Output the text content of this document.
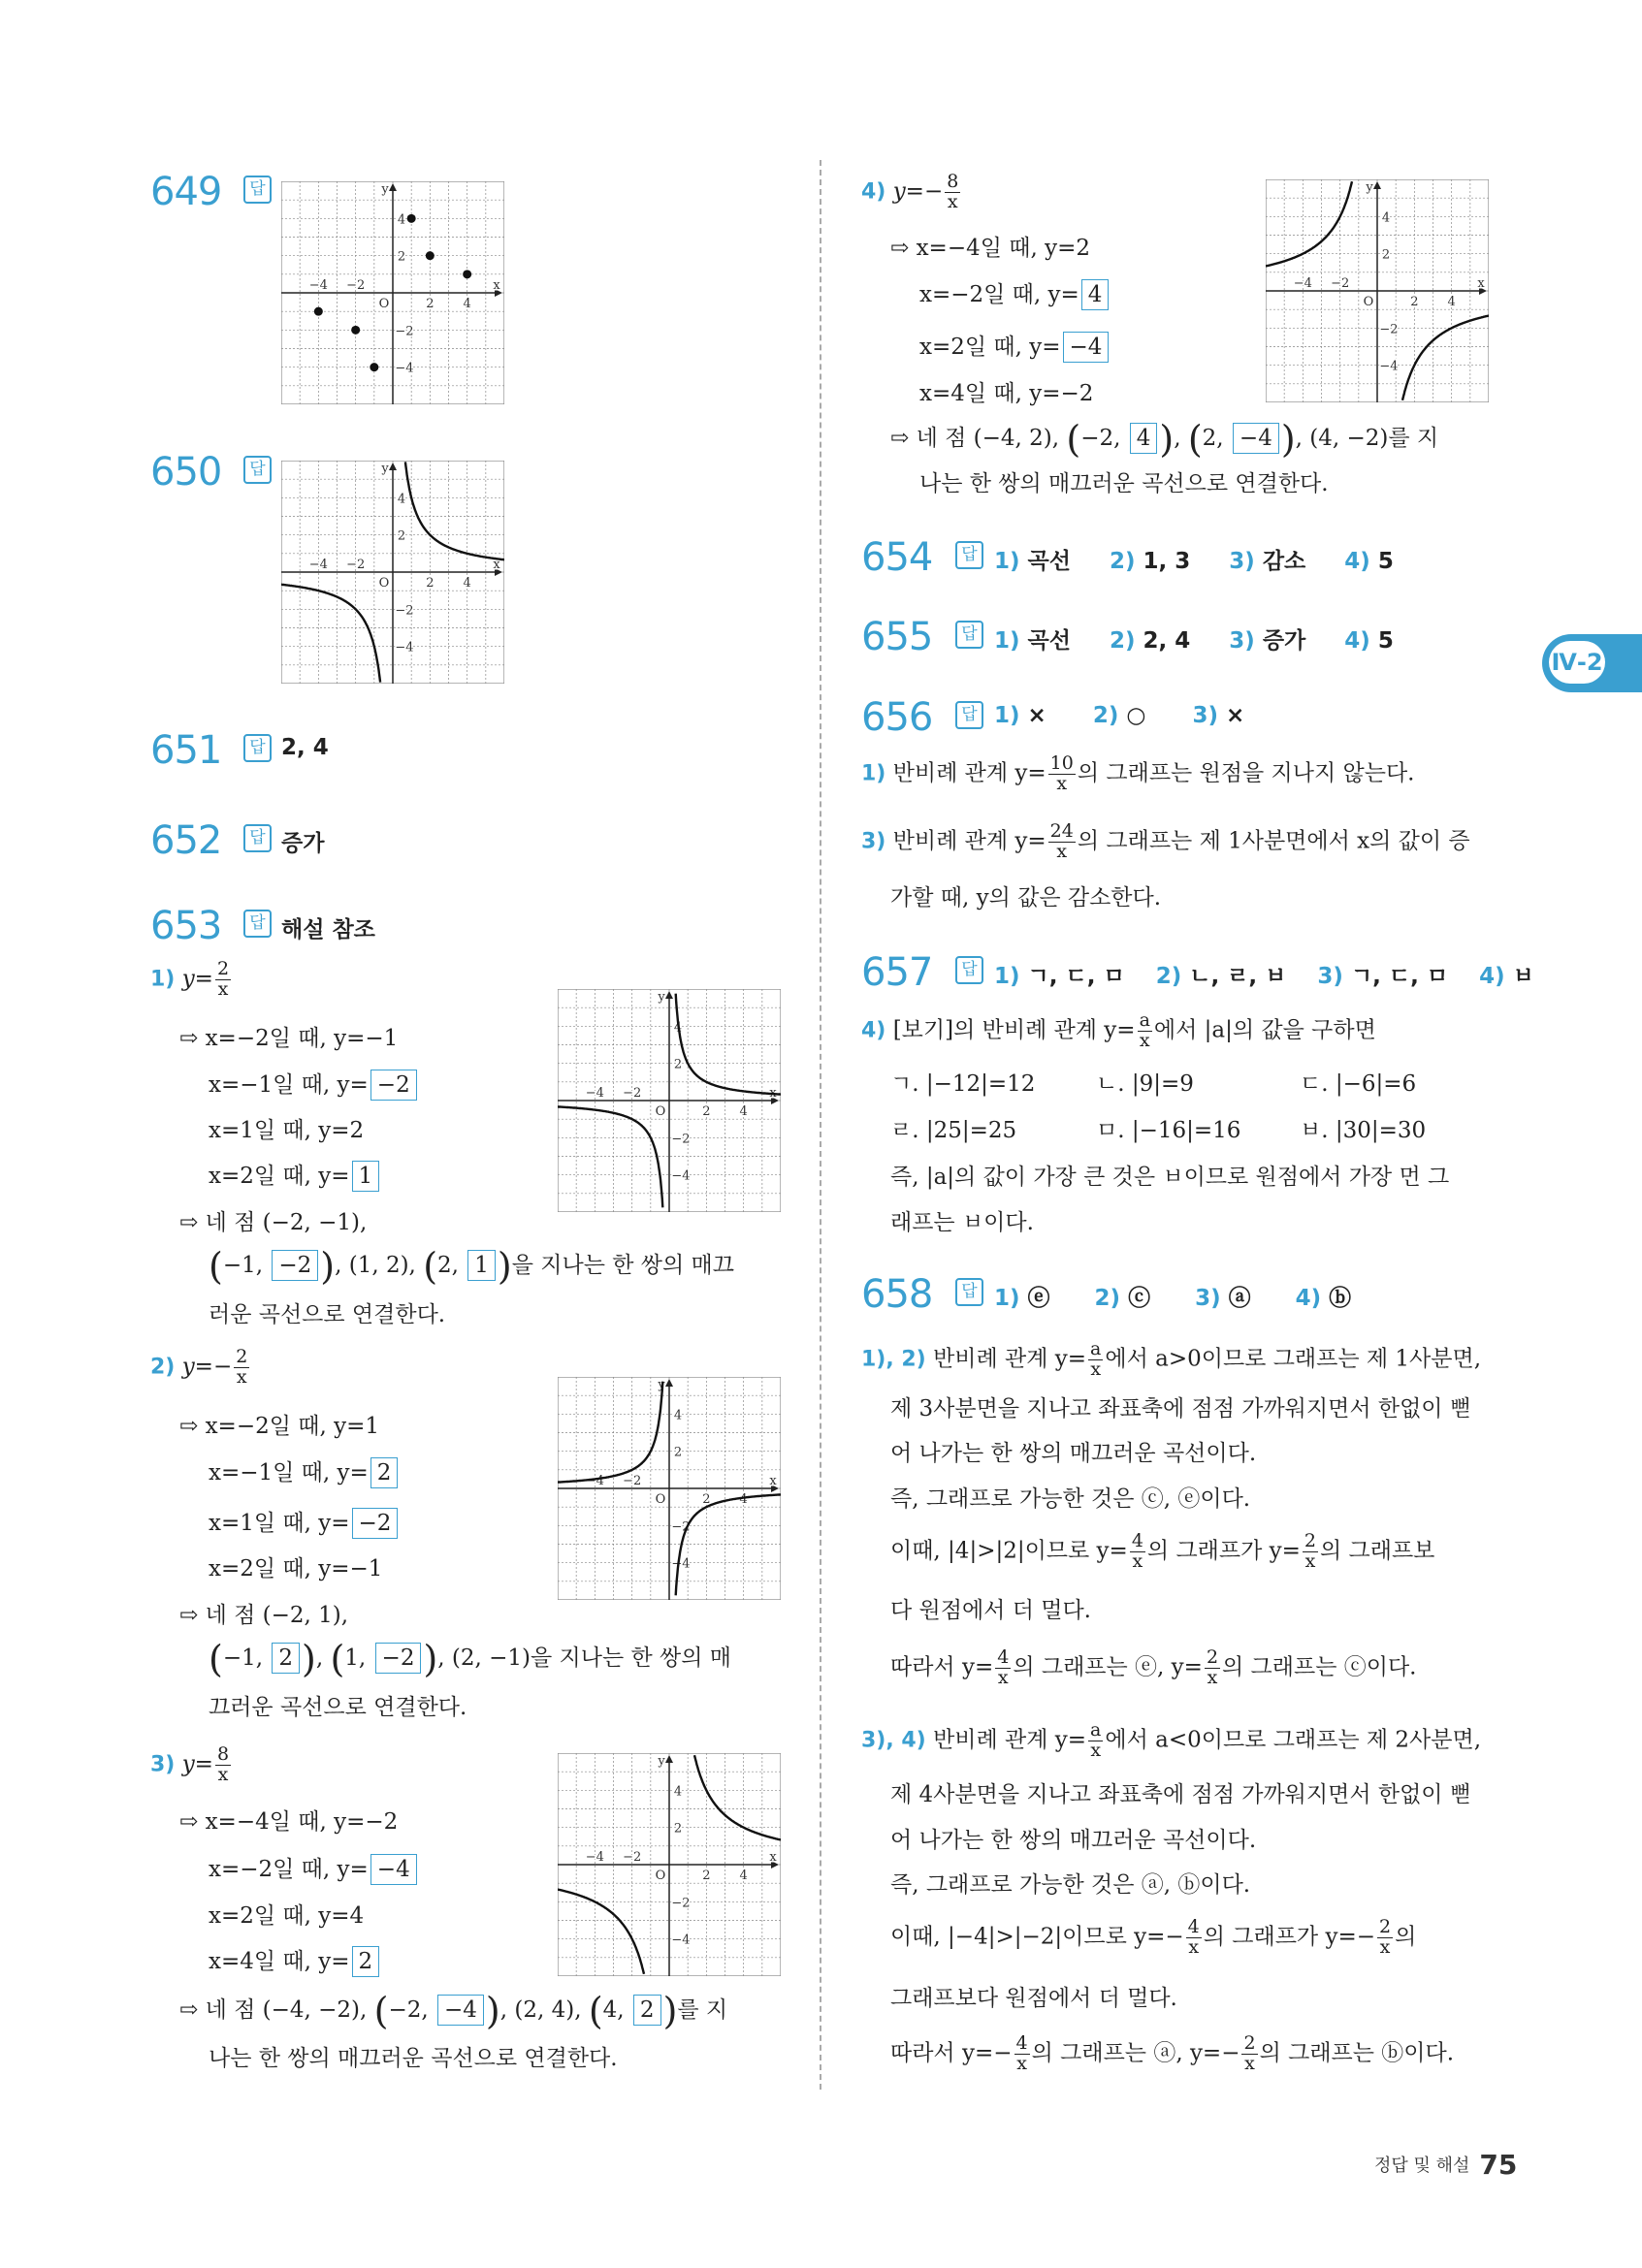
649	답	y
x
O	2 4
−2
−4
2
4
−2
−4
650	답	y
x
O	2 4
−2
−4
2
4
−2
−4
651	답 2, 4
652	답 증가
653	답 해설 참조
1) $y= \frac{2}{x}$
⇨ x=−2일 때, y=−1
x=−1일 때, y= −2
x=1일 때, y=2
x=2일 때, y= 1
⇨ 네 점 (−2, −1),
(−1, −2 ), (1, 2), (2, 1 )을 지나는 한 쌍의 매끄
러운 곡선으로 연결한다.
y
x
O	2 4
−2
−4
2
4
−2
−4
2) $y=- \frac{2}{x}$
⇨ x=−2일 때, y=1
x=−1일 때, y= 2
x=1일 때, y= −2
x=2일 때, y=−1
⇨ 네 점 (−2, 1),
(−1, 2 ), (1, −2 ), (2, −1)을 지나는 한 쌍의 매
끄러운 곡선으로 연결한다.
y
x
O	2 4
−2
−4
2
4
−2
−4
3) $y= \frac{8}{x}$
⇨ x=−4일 때, y=−2
x=−2일 때, y= −4
x=2일 때, y=4
x=4일 때, y= 2
⇨ 네 점 (−4, −2), (−2, −4 ), (2, 4), (4, 2 )를 지
나는 한 쌍의 매끄러운 곡선으로 연결한다.
y
x
O	2 4
−2
−4
2
4
−2
−4
4) $y=- \frac{8}{x}$
⇨ x=−4일 때, y=2
x=−2일 때, y= 4
x=2일 때, y= −4
x=4일 때, y=−2
⇨ 네 점 (−4, 2), (−2, 4 ), (2, −4 ), (4, −2)를 지
나는 한 쌍의 매끄러운 곡선으로 연결한다.
y
x
O	2 4
−2
−4
2
4
−2
−4
654	답 1) 곡선 2) 1, 3 3) 감소 4) 5
655	답 1) 곡선 2) 2, 4 3) 증가 4) 5
656	답 1) × 2) ○ 3) ×
1) 반비례 관계 $y= \frac{10}{x}$ 의 그래프는 원점을 지나지 않는다.
3) 반비례 관계 $y= \frac{24}{x}$ 의 그래프는 제 1사분면에서 x의 값이 증
가할 때, y의 값은 감소한다.
657	답 1) ㄱ, ㄷ, ㅁ 2) ㄴ, ㄹ, ㅂ 3) ㄱ, ㄷ, ㅁ 4) ㅂ
4) [보기]의 반비례 관계 $y= \frac{a}{x}$ 에서 |a|의 값을 구하면
ㄱ. |−12|=12	ㄴ. |9|=9	ㄷ. |−6|=6
ㄹ. |25|=25	ㅁ. |−16|=16	ㅂ. |30|=30
즉, |a|의 값이 가장 큰 것은 ㅂ이므로 원점에서 가장 먼 그
래프는 ㅂ이다.
658	답 1) ⓔ 2) ⓒ 3) ⓐ 4) ⓑ
1), 2) 반비례 관계 $y= \frac{a}{x}$ 에서 a>0이므로 그래프는 제 1사분면,
제 3사분면을 지나고 좌표축에 점점 가까워지면서 한없이 뻗
어 나가는 한 쌍의 매끄러운 곡선이다.
즉, 그래프로 가능한 것은 ⓒ, ⓔ이다.
이때, |4|>|2|이므로 $y= \frac{4}{x}$ 의 그래프가 $y= \frac{2}{x}$ 의 그래프보
다 원점에서 더 멀다.
따라서 $y= \frac{4}{x}$ 의 그래프는 ⓔ, $y= \frac{2}{x}$ 의 그래프는 ⓒ이다.
3), 4) 반비례 관계 $y= \frac{a}{x}$ 에서 a<0이므로 그래프는 제 2사분면,
제 4사분면을 지나고 좌표축에 점점 가까워지면서 한없이 뻗
어 나가는 한 쌍의 매끄러운 곡선이다.
즉, 그래프로 가능한 것은 ⓐ, ⓑ이다.
이때, |−4|>|−2|이므로 $y=- \frac{4}{x}$ 의 그래프가 $y=- \frac{2}{x}$ 의
그래프보다 원점에서 더 멀다.
따라서 $y=- \frac{4}{x}$ 의 그래프는 ⓐ, $y=- \frac{2}{x}$ 의 그래프는 ⓑ이다.
Ⅳ-2
정답 및 해설 75
